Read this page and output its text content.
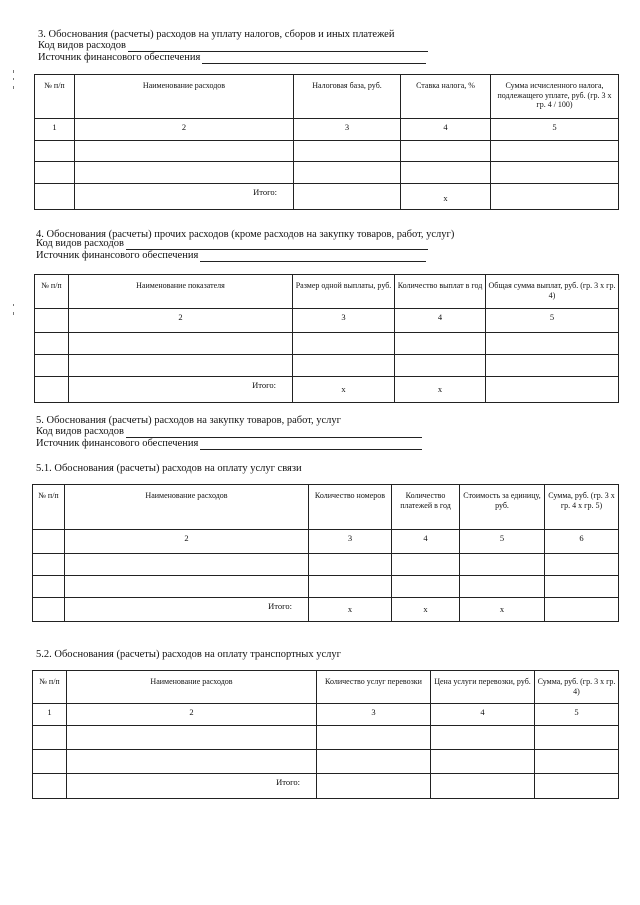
3. Обоснования (расчеты) расходов на уплату налогов, сборов и иных платежей
Код видов расходов
Источник финансового обеспечения
№ п/п	Наименование расходов	Налоговая база, руб.	Ставка налога, %	Сумма исчисленного налога, подлежащего уплате, руб. (гр. 3 х гр. 4 / 100)
1	2	3	4	5

	Итого:		x	
4. Обоснования (расчеты) прочих расходов (кроме расходов на закупку товаров, работ, услуг)
Код видов расходов
Источник финансового обеспечения
№ п/п	Наименование показателя	Размер одной выплаты, руб.	Количество выплат в год	Общая сумма выплат, руб. (гр. 3 х гр. 4)
	2	3	4	5

	Итого:	x	x	
5. Обоснования (расчеты) расходов на закупку товаров, работ, услуг
Код видов расходов
Источник финансового обеспечения
5.1. Обоснования (расчеты) расходов на оплату услуг связи
№ п/п	Наименование расходов	Количество номеров	Количество платежей в год	Стоимость за единицу, руб.	Сумма, руб. (гр. 3 х гр. 4 х гр. 5)
	2	3	4	5	6

	Итого:	x	x	x	
5.2. Обоснования (расчеты) расходов на оплату транспортных услуг
№ п/п	Наименование расходов	Количество услуг перевозки	Цена услуги перевозки, руб.	Сумма, руб. (гр. 3 х гр. 4)
1	2	3	4	5

	Итого:			
